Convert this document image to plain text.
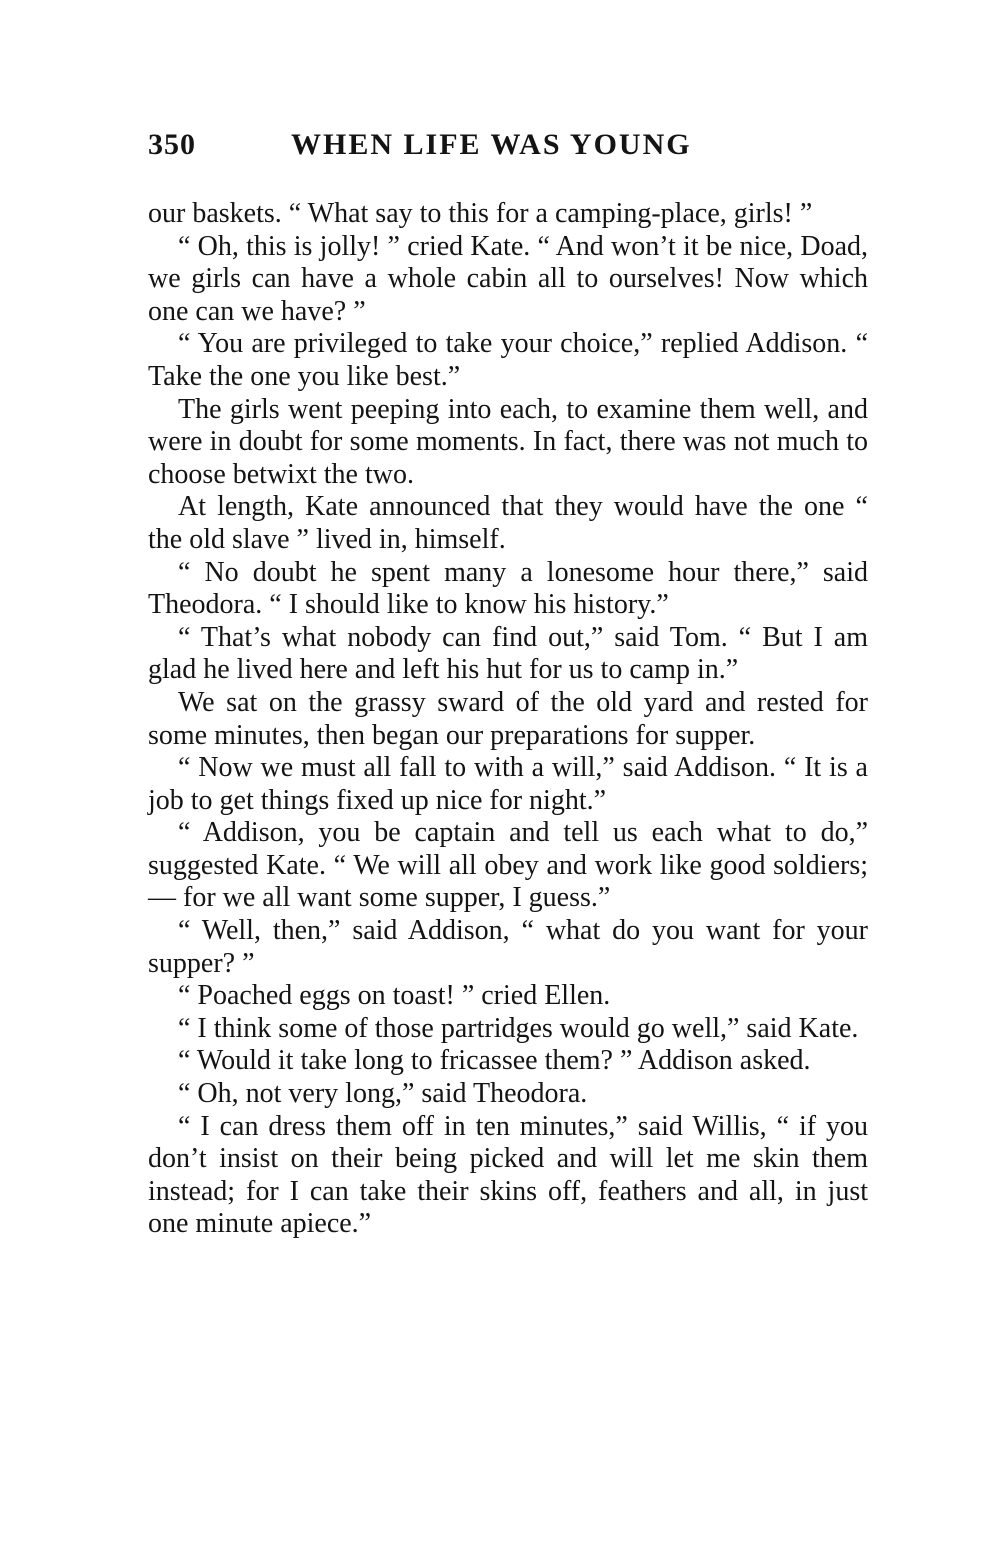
350	WHEN LIFE WAS YOUNG

our baskets. “ What say to this for a camping-place, girls! ”

“ Oh, this is jolly! ” cried Kate. “ And won’t it be nice, Doad, we girls can have a whole cabin all to ourselves! Now which one can we have? ”

“ You are privileged to take your choice,” replied Addison. “ Take the one you like best.”

The girls went peeping into each, to examine them well, and were in doubt for some moments. In fact, there was not much to choose betwixt the two.

At length, Kate announced that they would have the one “ the old slave ” lived in, himself.

“ No doubt he spent many a lonesome hour there,” said Theodora. “ I should like to know his history.”

“ That’s what nobody can find out,” said Tom. “ But I am glad he lived here and left his hut for us to camp in.”

We sat on the grassy sward of the old yard and rested for some minutes, then began our preparations for supper.

“ Now we must all fall to with a will,” said Addison. “ It is a job to get things fixed up nice for night.”

“ Addison, you be captain and tell us each what to do,” suggested Kate. “ We will all obey and work like good soldiers; — for we all want some supper, I guess.”

“ Well, then,” said Addison, “ what do you want for your supper? ”

“ Poached eggs on toast! ” cried Ellen.

“ I think some of those partridges would go well,” said Kate.

“ Would it take long to fricassee them? ” Addison asked.

“ Oh, not very long,” said Theodora.

“ I can dress them off in ten minutes,” said Willis, “ if you don’t insist on their being picked and will let me skin them instead; for I can take their skins off, feathers and all, in just one minute apiece.”
